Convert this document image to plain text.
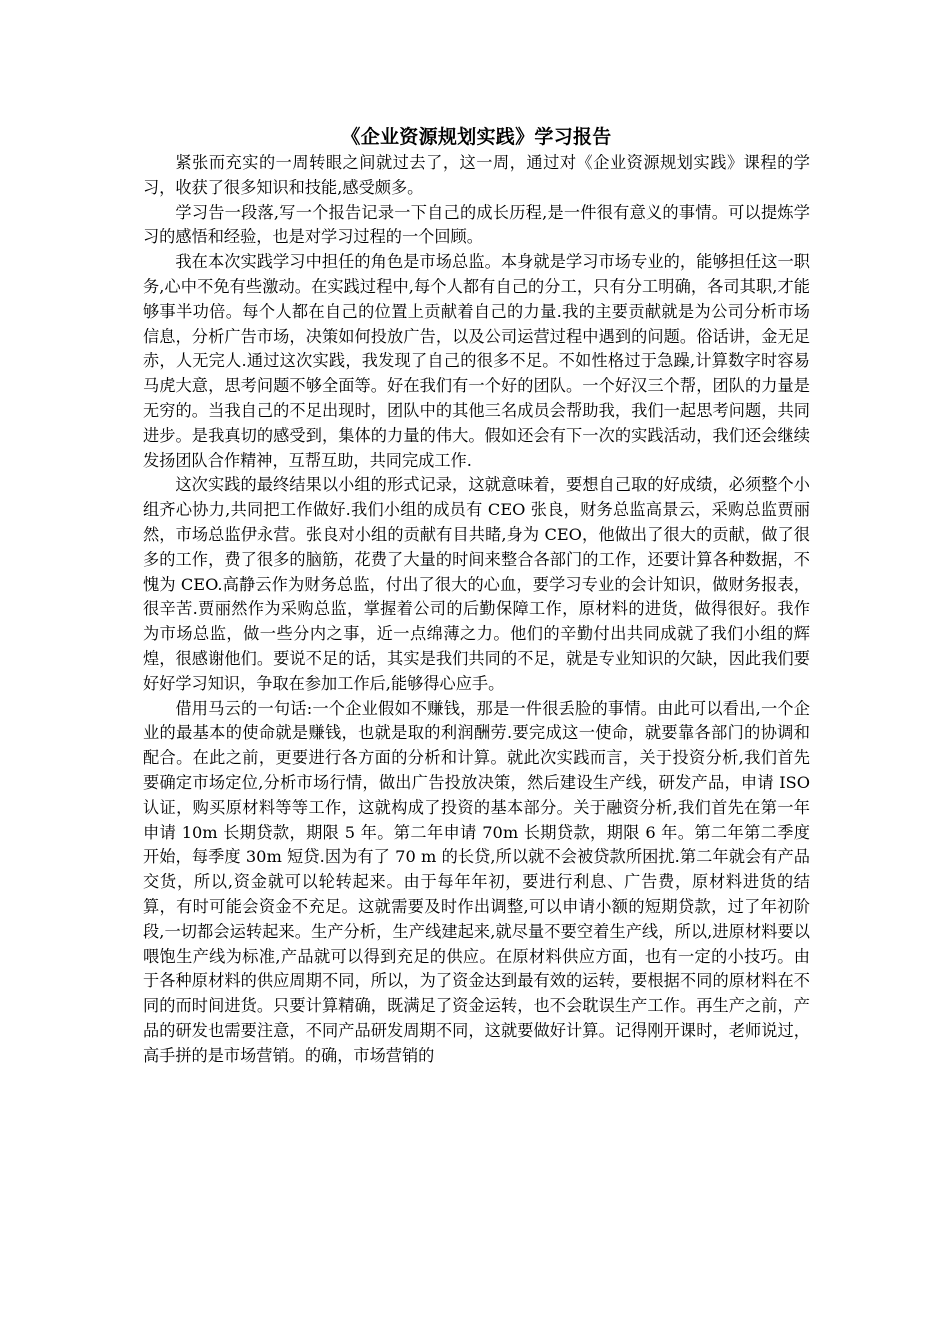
《企业资源规划实践》学习报告

紧张而充实的一周转眼之间就过去了，这一周，通过对《企业资源规划实践》课程的学习，收获了很多知识和技能,感受颇多。

学习告一段落,写一个报告记录一下自己的成长历程,是一件很有意义的事情。可以提炼学习的感悟和经验，也是对学习过程的一个回顾。

我在本次实践学习中担任的角色是市场总监。本身就是学习市场专业的，能够担任这一职务,心中不免有些激动。在实践过程中,每个人都有自己的分工，只有分工明确，各司其职,才能够事半功倍。每个人都在自己的位置上贡献着自己的力量.我的主要贡献就是为公司分析市场信息，分析广告市场，决策如何投放广告，以及公司运营过程中遇到的问题。俗话讲，金无足赤，人无完人.通过这次实践，我发现了自己的很多不足。不如性格过于急躁,计算数字时容易马虎大意，思考问题不够全面等。好在我们有一个好的团队。一个好汉三个帮，团队的力量是无穷的。当我自己的不足出现时，团队中的其他三名成员会帮助我，我们一起思考问题，共同进步。是我真切的感受到，集体的力量的伟大。假如还会有下一次的实践活动，我们还会继续发扬团队合作精神，互帮互助，共同完成工作.

这次实践的最终结果以小组的形式记录，这就意味着，要想自己取的好成绩，必须整个小组齐心协力,共同把工作做好.我们小组的成员有 CEO 张良，财务总监高景云，采购总监贾丽然，市场总监伊永营。张良对小组的贡献有目共睹,身为 CEO，他做出了很大的贡献，做了很多的工作，费了很多的脑筋，花费了大量的时间来整合各部门的工作，还要计算各种数据，不愧为 CEO.高静云作为财务总监，付出了很大的心血，要学习专业的会计知识，做财务报表，很辛苦.贾丽然作为采购总监，掌握着公司的后勤保障工作，原材料的进货，做得很好。我作为市场总监，做一些分内之事，近一点绵薄之力。他们的辛勤付出共同成就了我们小组的辉煌，很感谢他们。要说不足的话，其实是我们共同的不足，就是专业知识的欠缺，因此我们要好好学习知识，争取在参加工作后,能够得心应手。

借用马云的一句话:一个企业假如不赚钱，那是一件很丢脸的事情。由此可以看出,一个企业的最基本的使命就是赚钱，也就是取的利润酬劳.要完成这一使命，就要靠各部门的协调和配合。在此之前，更要进行各方面的分析和计算。就此次实践而言，关于投资分析,我们首先要确定市场定位,分析市场行情，做出广告投放决策，然后建设生产线，研发产品，申请 ISO 认证，购买原材料等等工作，这就构成了投资的基本部分。关于融资分析,我们首先在第一年申请 10m 长期贷款，期限 5 年。第二年申请 70m 长期贷款，期限 6 年。第二年第二季度开始，每季度 30m 短贷.因为有了 70 m 的长贷,所以就不会被贷款所困扰.第二年就会有产品交货，所以,资金就可以轮转起来。由于每年年初，要进行利息、广告费，原材料进货的结算，有时可能会资金不充足。这就需要及时作出调整,可以申请小额的短期贷款，过了年初阶段,一切都会运转起来。生产分析，生产线建起来,就尽量不要空着生产线，所以,进原材料要以喂饱生产线为标准,产品就可以得到充足的供应。在原材料供应方面，也有一定的小技巧。由于各种原材料的供应周期不同，所以，为了资金达到最有效的运转，要根据不同的原材料在不同的而时间进货。只要计算精确，既满足了资金运转，也不会耽误生产工作。再生产之前，产品的研发也需要注意，不同产品研发周期不同，这就要做好计算。记得刚开课时，老师说过，高手拼的是市场营销。的确，市场营销的
